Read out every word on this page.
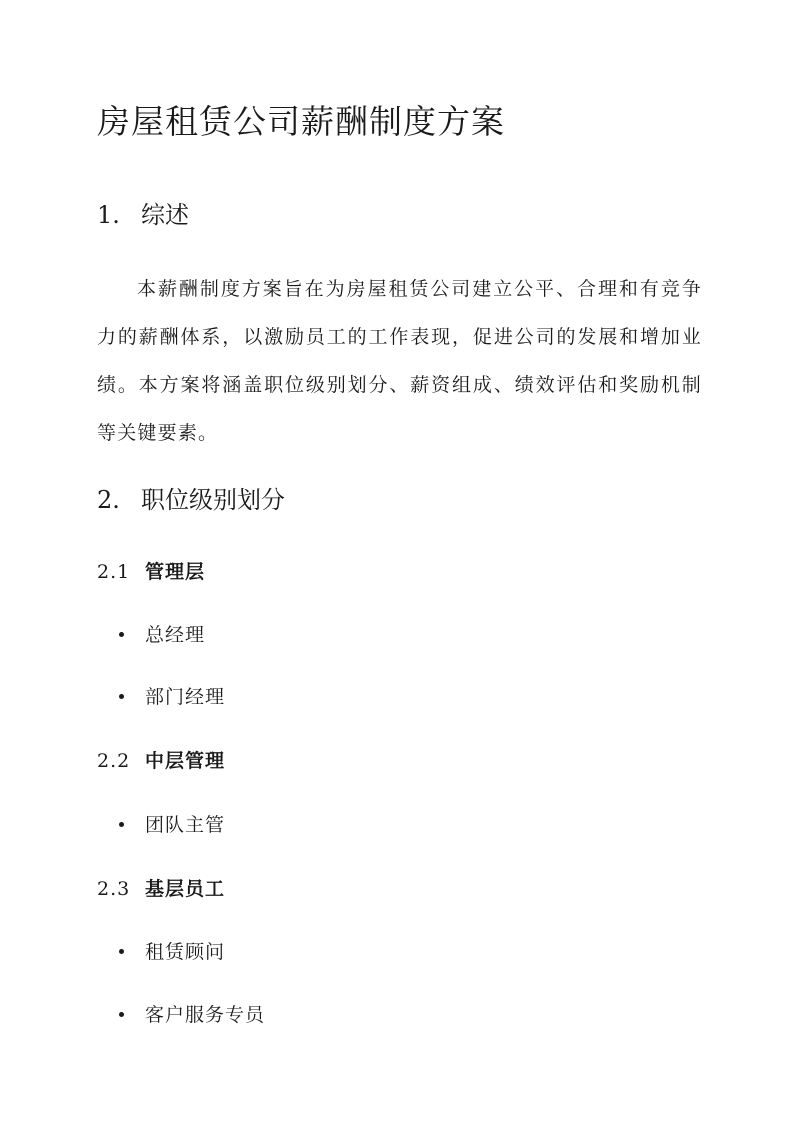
房屋租赁公司薪酬制度方案
1. 综述

本薪酬制度方案旨在为房屋租赁公司建立公平、合理和有竞争力的薪酬体系，以激励员工的工作表现，促进公司的发展和增加业绩。本方案将涵盖职位级别划分、薪资组成、绩效评估和奖励机制等关键要素。

2. 职位级别划分
2.1 管理层

总经理

部门经理

2.2 中层管理

团队主管

2.3 基层员工

租赁顾问

客户服务专员
